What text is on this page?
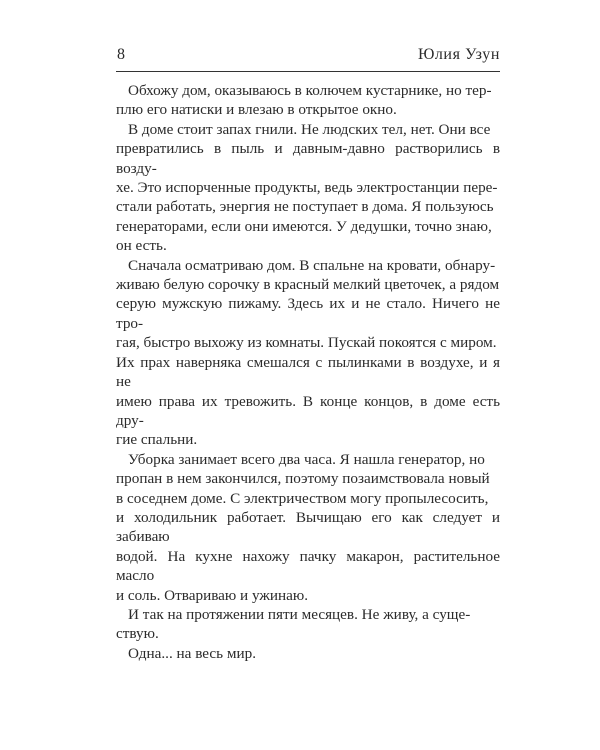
8	Юлия Узун

Обхожу дом, оказываюсь в колючем кустарнике, но тер-
плю его натиски и влезаю в открытое окно.

В доме стоит запах гнили. Не людских тел, нет. Они все
превратились в пыль и давным-давно растворились в возду-
хе. Это испорченные продукты, ведь электростанции пере-
стали работать, энергия не поступает в дома. Я пользуюсь
генераторами, если они имеются. У дедушки, точно знаю,
он есть.

Сначала осматриваю дом. В спальне на кровати, обнару-
живаю белую сорочку в красный мелкий цветочек, а рядом
серую мужскую пижаму. Здесь их и не стало. Ничего не тро-
гая, быстро выхожу из комнаты. Пускай покоятся с миром.
Их прах наверняка смешался с пылинками в воздухе, и я не
имею права их тревожить. В конце концов, в доме есть дру-
гие спальни.

Уборка занимает всего два часа. Я нашла генератор, но
пропан в нем закончился, поэтому позаимствовала новый
в соседнем доме. С электричеством могу пропылесосить,
и холодильник работает. Вычищаю его как следует и забиваю
водой. На кухне нахожу пачку макарон, растительное масло
и соль. Отвариваю и ужинаю.

И так на протяжении пяти месяцев. Не живу, а суще-
ствую.

Одна... на весь мир.
